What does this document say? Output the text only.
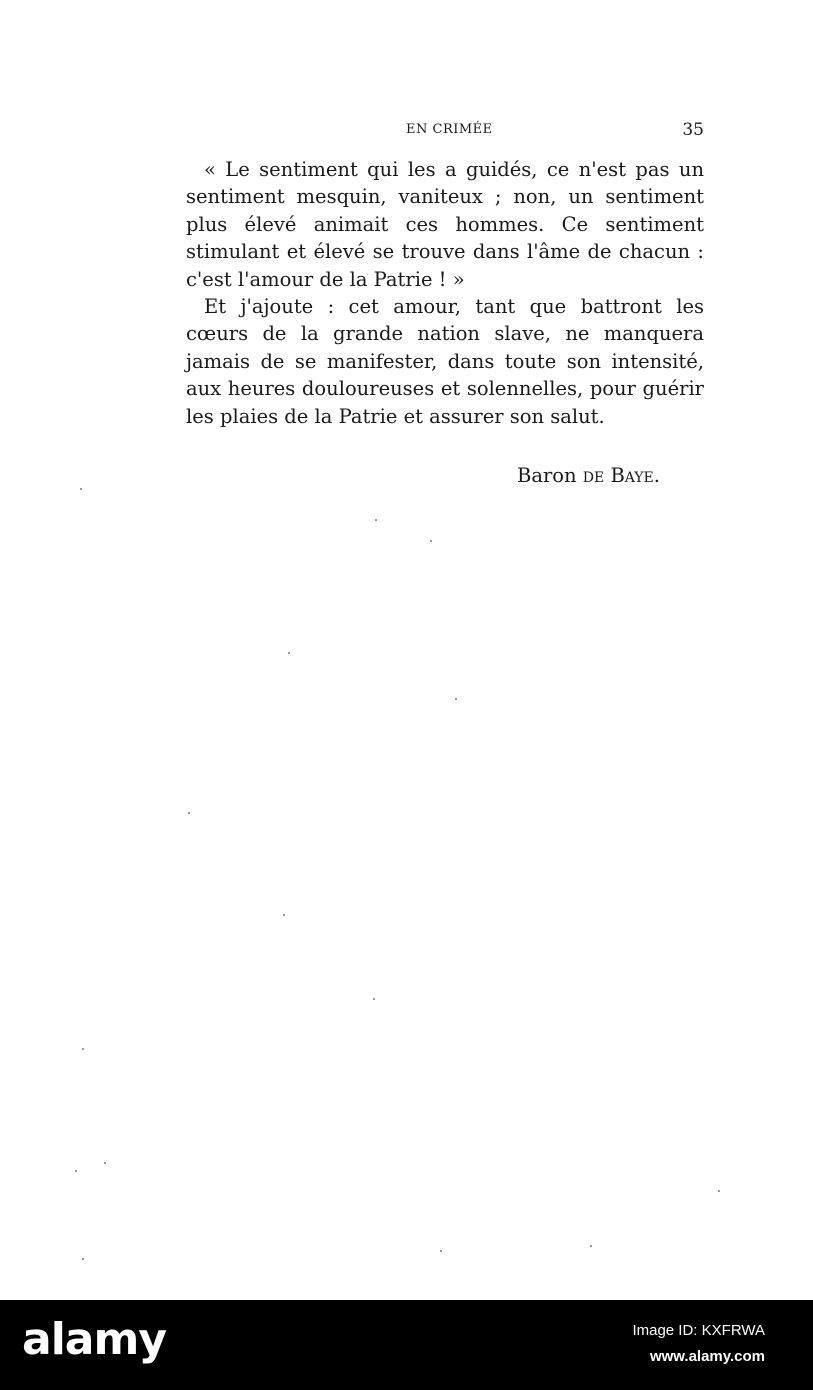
EN CRIMÉE	35

« Le sentiment qui les a guidés, ce n'est pas un sentiment mesquin, vaniteux ; non, un sentiment plus élevé animait ces hommes. Ce sentiment stimulant et élevé se trouve dans l'âme de chacun : c'est l'amour de la Patrie ! »

Et j'ajoute : cet amour, tant que battront les cœurs de la grande nation slave, ne manquera jamais de se manifester, dans toute son intensité, aux heures douloureuses et solennelles, pour guérir les plaies de la Patrie et assurer son salut.

Baron de Baye.
alamy	Image ID: KXFRWA
www.alamy.com
